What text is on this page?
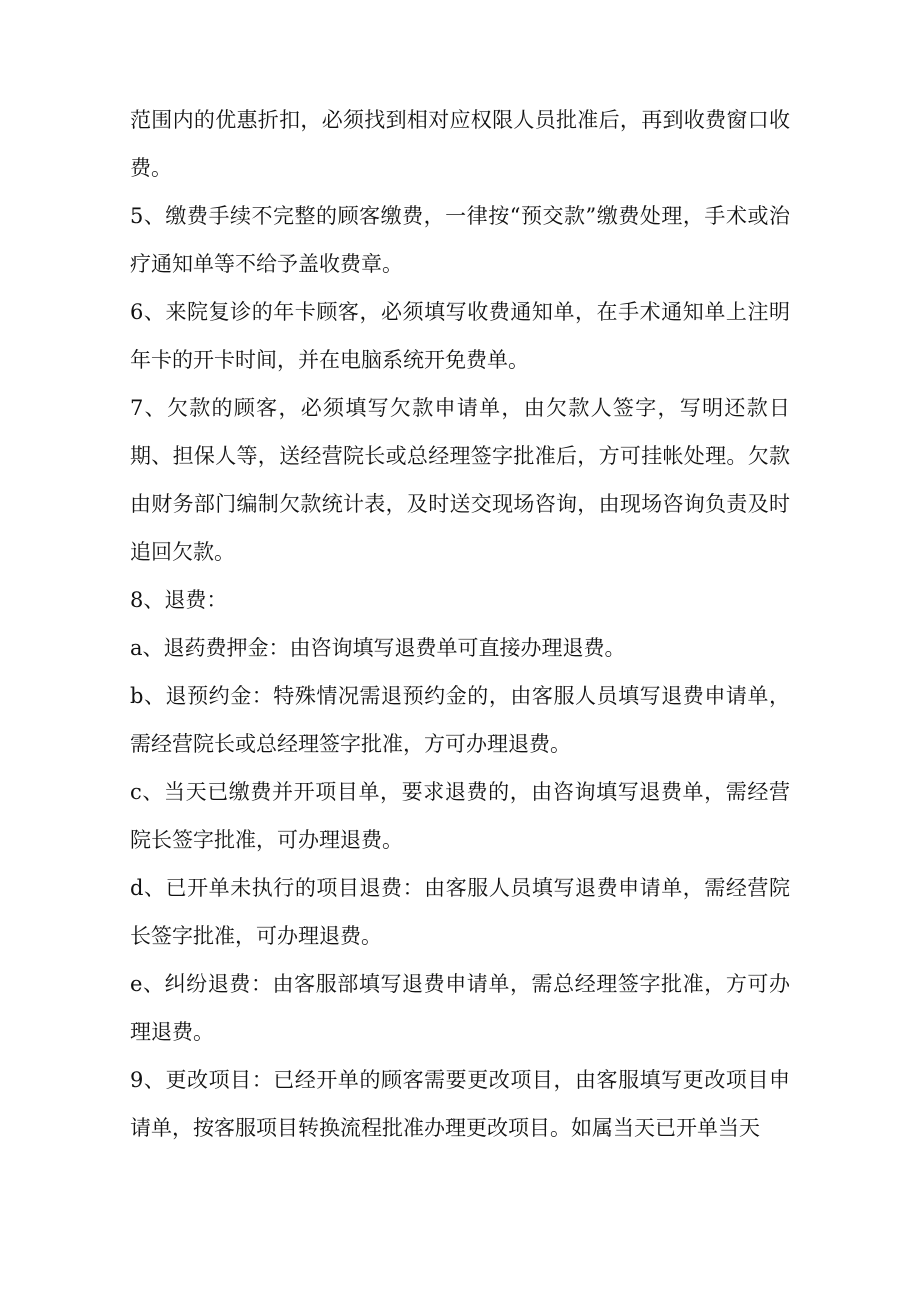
范围内的优惠折扣，必须找到相对应权限人员批准后，再到收费窗口收费。

5、缴费手续不完整的顾客缴费，一律按“预交款”缴费处理，手术或治疗通知单等不给予盖收费章。

6、来院复诊的年卡顾客，必须填写收费通知单，在手术通知单上注明年卡的开卡时间，并在电脑系统开免费单。

7、欠款的顾客，必须填写欠款申请单，由欠款人签字，写明还款日期、担保人等，送经营院长或总经理签字批准后，方可挂帐处理。欠款由财务部门编制欠款统计表，及时送交现场咨询，由现场咨询负责及时追回欠款。

8、退费：

a、退药费押金：由咨询填写退费单可直接办理退费。

b、退预约金：特殊情况需退预约金的，由客服人员填写退费申请单，需经营院长或总经理签字批准，方可办理退费。

c、当天已缴费并开项目单，要求退费的，由咨询填写退费单，需经营院长签字批准，可办理退费。

d、已开单未执行的项目退费：由客服人员填写退费申请单，需经营院长签字批准，可办理退费。

e、纠纷退费：由客服部填写退费申请单，需总经理签字批准，方可办理退费。

9、更改项目：已经开单的顾客需要更改项目，由客服填写更改项目申请单，按客服项目转换流程批准办理更改项目。如属当天已开单当天
